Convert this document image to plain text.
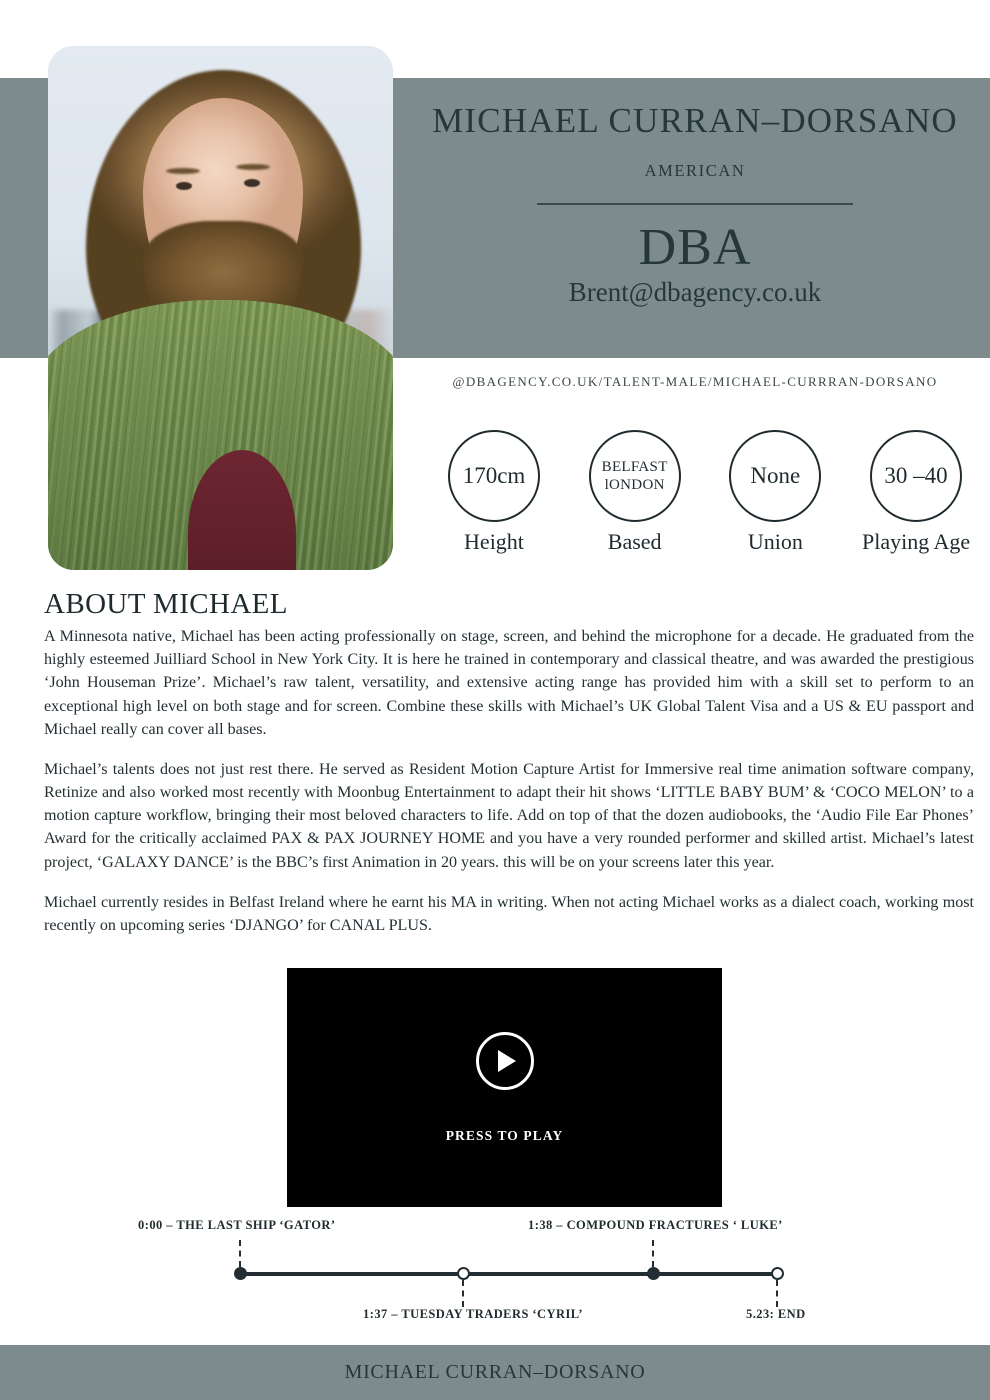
MICHAEL CURRAN–DORSANO
AMERICAN
DBA
Brent@dbagency.co.uk
@DBAGENCY.CO.UK/TALENT-MALE/MICHAEL-CURRRAN-DORSANO
170cm
Height
BELFAST lONDON
Based
None
Union
30 –40
Playing Age
ABOUT MICHAEL

A Minnesota native, Michael has been acting professionally on stage, screen, and behind the microphone for a decade. He graduated from the highly esteemed Juilliard School in New York City. It is here he trained in contemporary and classical theatre, and was awarded the prestigious ‘John Houseman Prize’. Michael’s raw talent, versatility, and extensive acting range has provided him with a skill set to perform to an exceptional high level on both stage and for screen. Combine these skills with Michael’s UK Global Talent Visa and a US & EU passport and Michael really can cover all bases.

Michael’s talents does not just rest there. He served as Resident Motion Capture Artist for Immersive real time animation software company, Retinize and also worked most recently with Moonbug Entertainment to adapt their hit shows ‘LITTLE BABY BUM’ & ‘COCO MELON’ to a motion capture workflow, bringing their most beloved characters to life. Add on top of that the dozen audiobooks, the ‘Audio File Ear Phones’ Award for the critically acclaimed PAX & PAX JOURNEY HOME and you have a very rounded performer and skilled artist. Michael’s latest project, ‘GALAXY DANCE’ is the BBC’s first Animation in 20 years. this will be on your screens later this year.

Michael currently resides in Belfast Ireland where he earnt his MA in writing. When not acting Michael works as a dialect coach, working most recently on upcoming series ‘DJANGO’ for CANAL PLUS.

PRESS TO PLAY
0:00 – THE LAST SHIP ‘GATOR’
1:37 – TUESDAY TRADERS ‘CYRIL’
1:38 – COMPOUND FRACTURES ‘ LUKE’
5.23: END
MICHAEL CURRAN–DORSANO
